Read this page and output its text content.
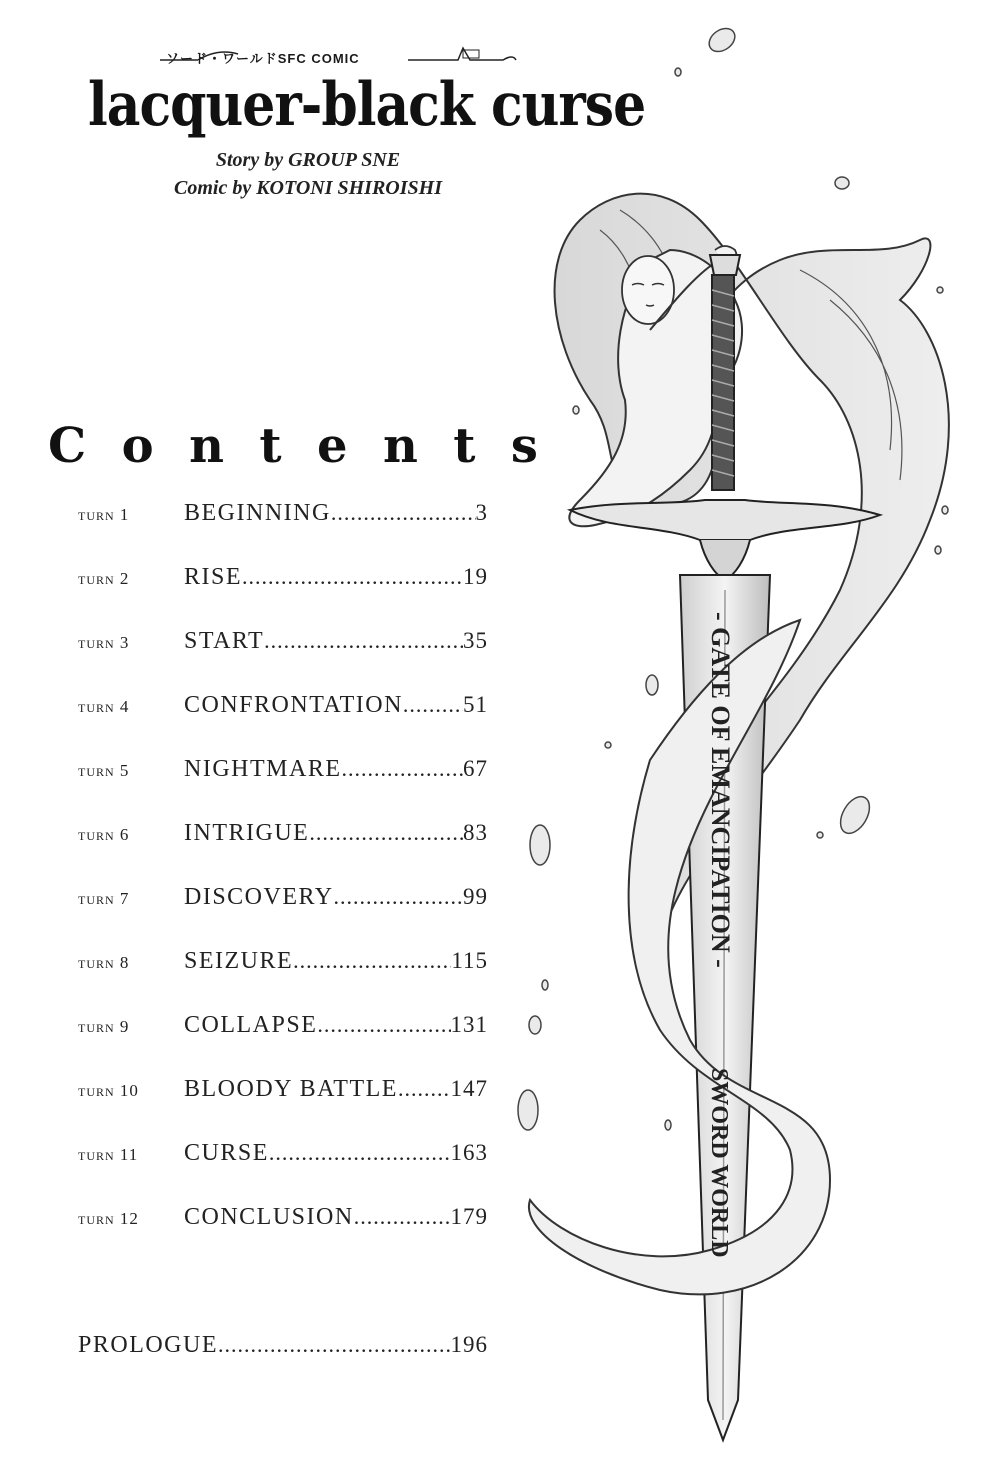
ソード・ワールドSFC COMIC
lacquer-black curse
Story by GROUP SNE
Comic by KOTONI SHIROISHI
C o n t e n t s
turn 1	BEGINNING .....	3
turn 2	RISE .....	19
turn 3	START .....	35
turn 4	CONFRONTATION .....	51
turn 5	NIGHTMARE .....	67
turn 6	INTRIGUE .....	83
turn 7	DISCOVERY .....	99
turn 8	SEIZURE .....	115
turn 9	COLLAPSE .....	131
turn 10	BLOODY BATTLE ..... 147
turn 11	CURSE .....	163
turn 12	CONCLUSION .....	179
PROLOGUE .....	196
- GATE OF EMANCIPATION -
SWORD WORLD
